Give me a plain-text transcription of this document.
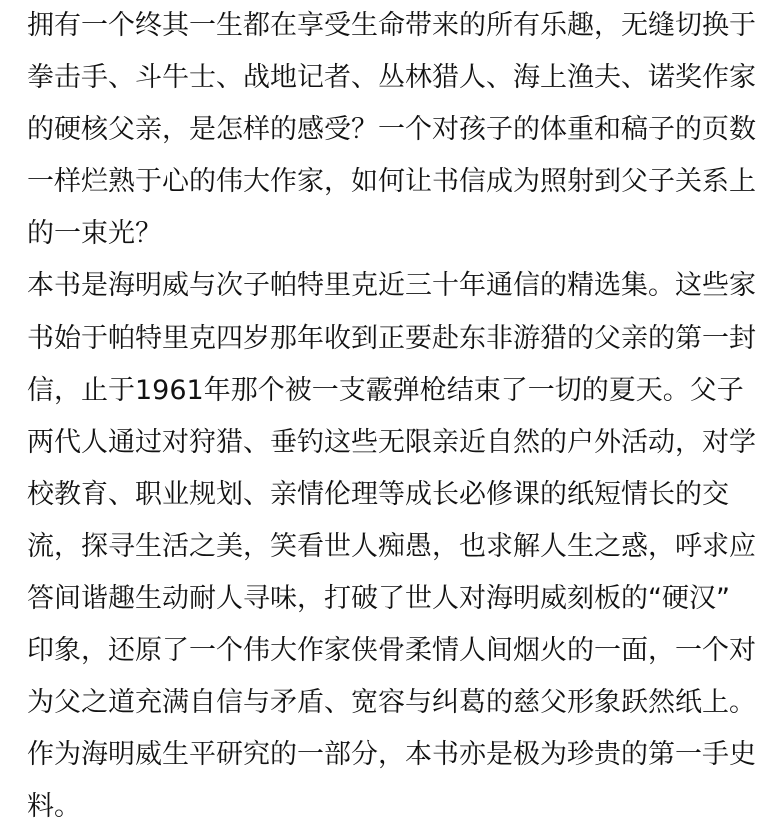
拥有一个终其一生都在享受生命带来的所有乐趣，无缝切换于
拳击手、斗牛士、战地记者、丛林猎人、海上渔夫、诺奖作家
的硬核父亲，是怎样的感受？一个对孩子的体重和稿子的页数
一样烂熟于心的伟大作家，如何让书信成为照射到父子关系上
的一束光？

本书是海明威与次子帕特里克近三十年通信的精选集。这些家
书始于帕特里克四岁那年收到正要赴东非游猎的父亲的第一封
信，止于1961年那个被一支霰弹枪结束了一切的夏天。父子
两代人通过对狩猎、垂钓这些无限亲近自然的户外活动，对学
校教育、职业规划、亲情伦理等成长必修课的纸短情长的交
流，探寻生活之美，笑看世人痴愚，也求解人生之惑，呼求应
答间谐趣生动耐人寻味，打破了世人对海明威刻板的“硬汉”
印象，还原了一个伟大作家侠骨柔情人间烟火的一面，一个对
为父之道充满自信与矛盾、宽容与纠葛的慈父形象跃然纸上。
作为海明威生平研究的一部分，本书亦是极为珍贵的第一手史
料。
